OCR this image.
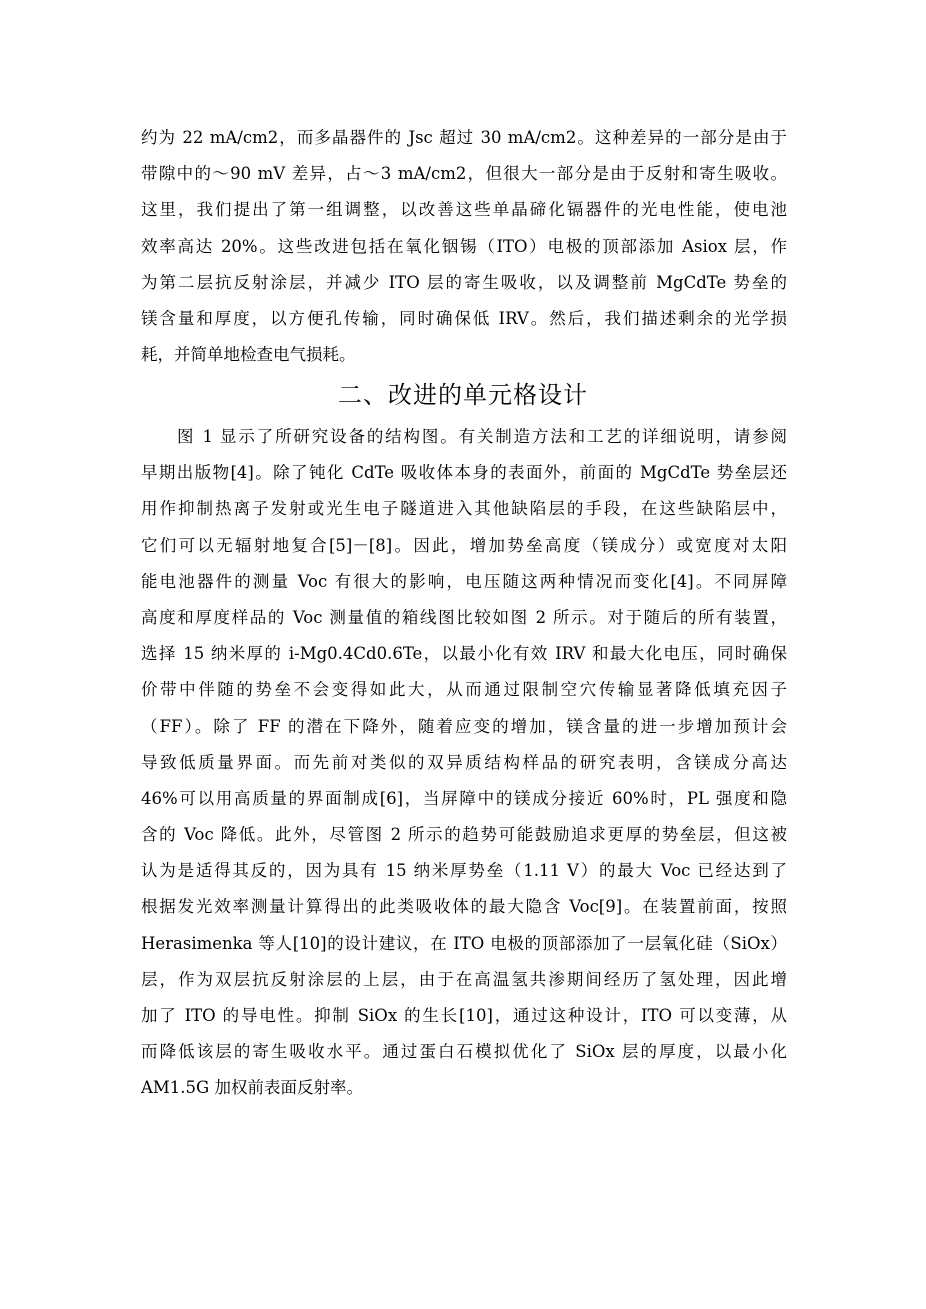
约为 22 mA/cm2，而多晶器件的 Jsc 超过 30 mA/cm2。这种差异的一部分是由于
带隙中的～90 mV 差异，占～3 mA/cm2，但很大一部分是由于反射和寄生吸收。
这里，我们提出了第一组调整，以改善这些单晶碲化镉器件的光电性能，使电池
效率高达 20%。这些改进包括在氧化铟锡（ITO）电极的顶部添加 Asiox 层，作
为第二层抗反射涂层，并减少 ITO 层的寄生吸收，以及调整前 MgCdTe 势垒的
镁含量和厚度，以方便孔传输，同时确保低 IRV。然后，我们描述剩余的光学损
耗，并简单地检查电气损耗。
二、改进的单元格设计
图 1 显示了所研究设备的结构图。有关制造方法和工艺的详细说明，请参阅
早期出版物[4]。除了钝化 CdTe 吸收体本身的表面外，前面的 MgCdTe 势垒层还
用作抑制热离子发射或光生电子隧道进入其他缺陷层的手段，在这些缺陷层中，
它们可以无辐射地复合[5]－[8]。因此，增加势垒高度（镁成分）或宽度对太阳
能电池器件的测量 Voc 有很大的影响，电压随这两种情况而变化[4]。不同屏障
高度和厚度样品的 Voc 测量值的箱线图比较如图 2 所示。对于随后的所有装置，
选择 15 纳米厚的 i-Mg0.4Cd0.6Te，以最小化有效 IRV 和最大化电压，同时确保
价带中伴随的势垒不会变得如此大，从而通过限制空穴传输显著降低填充因子
（FF）。除了 FF 的潜在下降外，随着应变的增加，镁含量的进一步增加预计会
导致低质量界面。而先前对类似的双异质结构样品的研究表明，含镁成分高达
46%可以用高质量的界面制成[6]，当屏障中的镁成分接近 60%时，PL 强度和隐
含的 Voc 降低。此外，尽管图 2 所示的趋势可能鼓励追求更厚的势垒层，但这被
认为是适得其反的，因为具有 15 纳米厚势垒（1.11 V）的最大 Voc 已经达到了
根据发光效率测量计算得出的此类吸收体的最大隐含 Voc[9]。在装置前面，按照
Herasimenka 等人[10]的设计建议，在 ITO 电极的顶部添加了一层氧化硅（SiOx）
层，作为双层抗反射涂层的上层，由于在高温氢共渗期间经历了氢处理，因此增
加了 ITO 的导电性。抑制 SiOx 的生长[10]，通过这种设计，ITO 可以变薄，从
而降低该层的寄生吸收水平。通过蛋白石模拟优化了 SiOx 层的厚度，以最小化
AM1.5G 加权前表面反射率。
